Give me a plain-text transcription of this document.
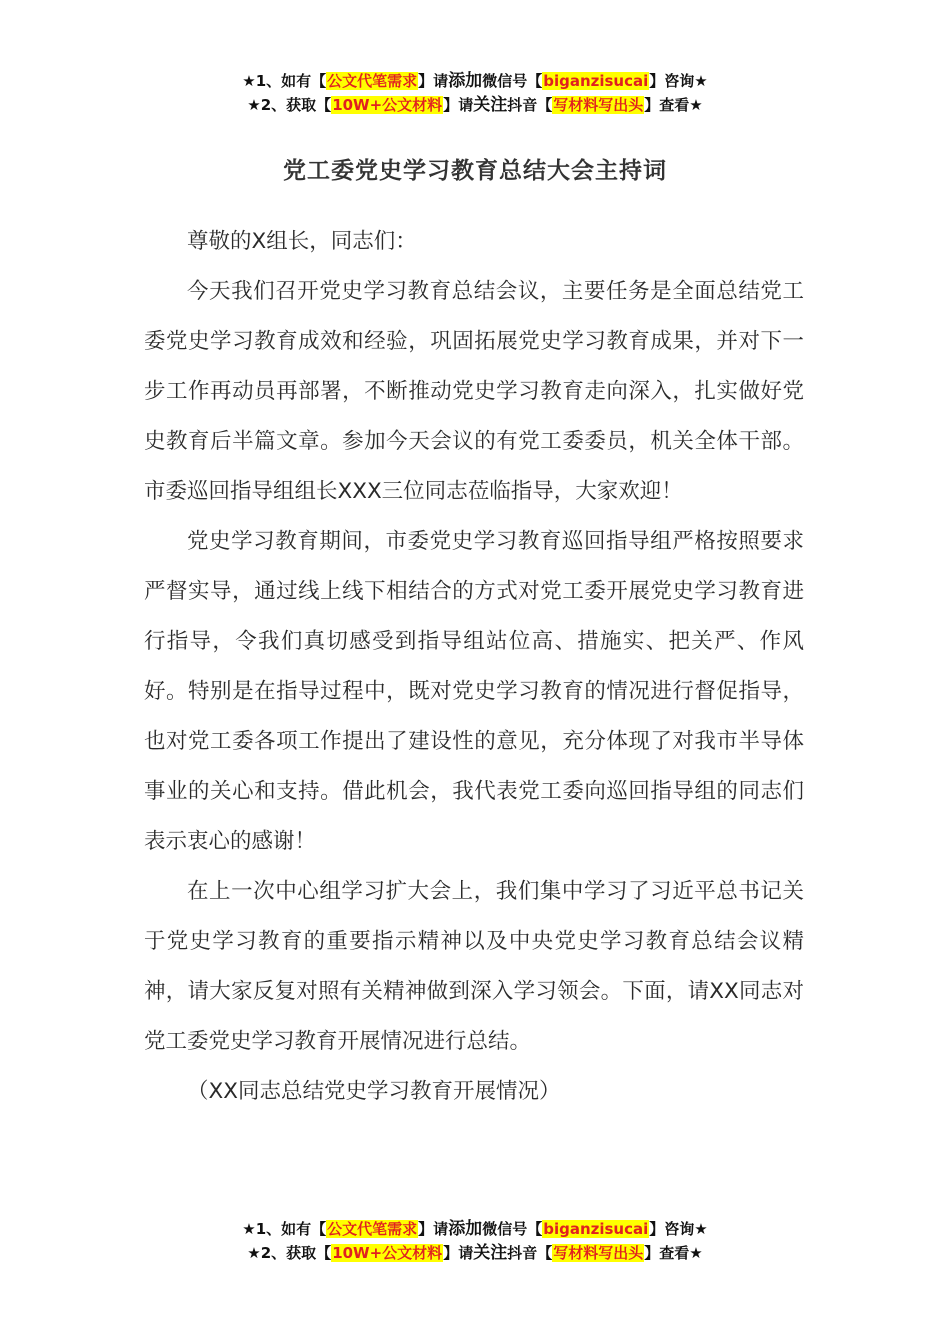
★1、如有【公文代笔需求】请添加微信号【biganzisucai】咨询★
★2、获取【10W+公文材料】请关注抖音【写材料写出头】查看★
党工委党史学习教育总结大会主持词

尊敬的X组长，同志们：

今天我们召开党史学习教育总结会议，主要任务是全面总结党工委党史学习教育成效和经验，巩固拓展党史学习教育成果，并对下一步工作再动员再部署，不断推动党史学习教育走向深入，扎实做好党史教育后半篇文章。参加今天会议的有党工委委员，机关全体干部。市委巡回指导组组长XXX三位同志莅临指导，大家欢迎！

党史学习教育期间，市委党史学习教育巡回指导组严格按照要求严督实导，通过线上线下相结合的方式对党工委开展党史学习教育进行指导，令我们真切感受到指导组站位高、措施实、把关严、作风好。特别是在指导过程中，既对党史学习教育的情况进行督促指导，也对党工委各项工作提出了建设性的意见，充分体现了对我市半导体事业的关心和支持。借此机会，我代表党工委向巡回指导组的同志们表示衷心的感谢！

在上一次中心组学习扩大会上，我们集中学习了习近平总书记关于党史学习教育的重要指示精神以及中央党史学习教育总结会议精神，请大家反复对照有关精神做到深入学习领会。下面，请XX同志对党工委党史学习教育开展情况进行总结。

（XX同志总结党史学习教育开展情况）

★1、如有【公文代笔需求】请添加微信号【biganzisucai】咨询★
★2、获取【10W+公文材料】请关注抖音【写材料写出头】查看★
